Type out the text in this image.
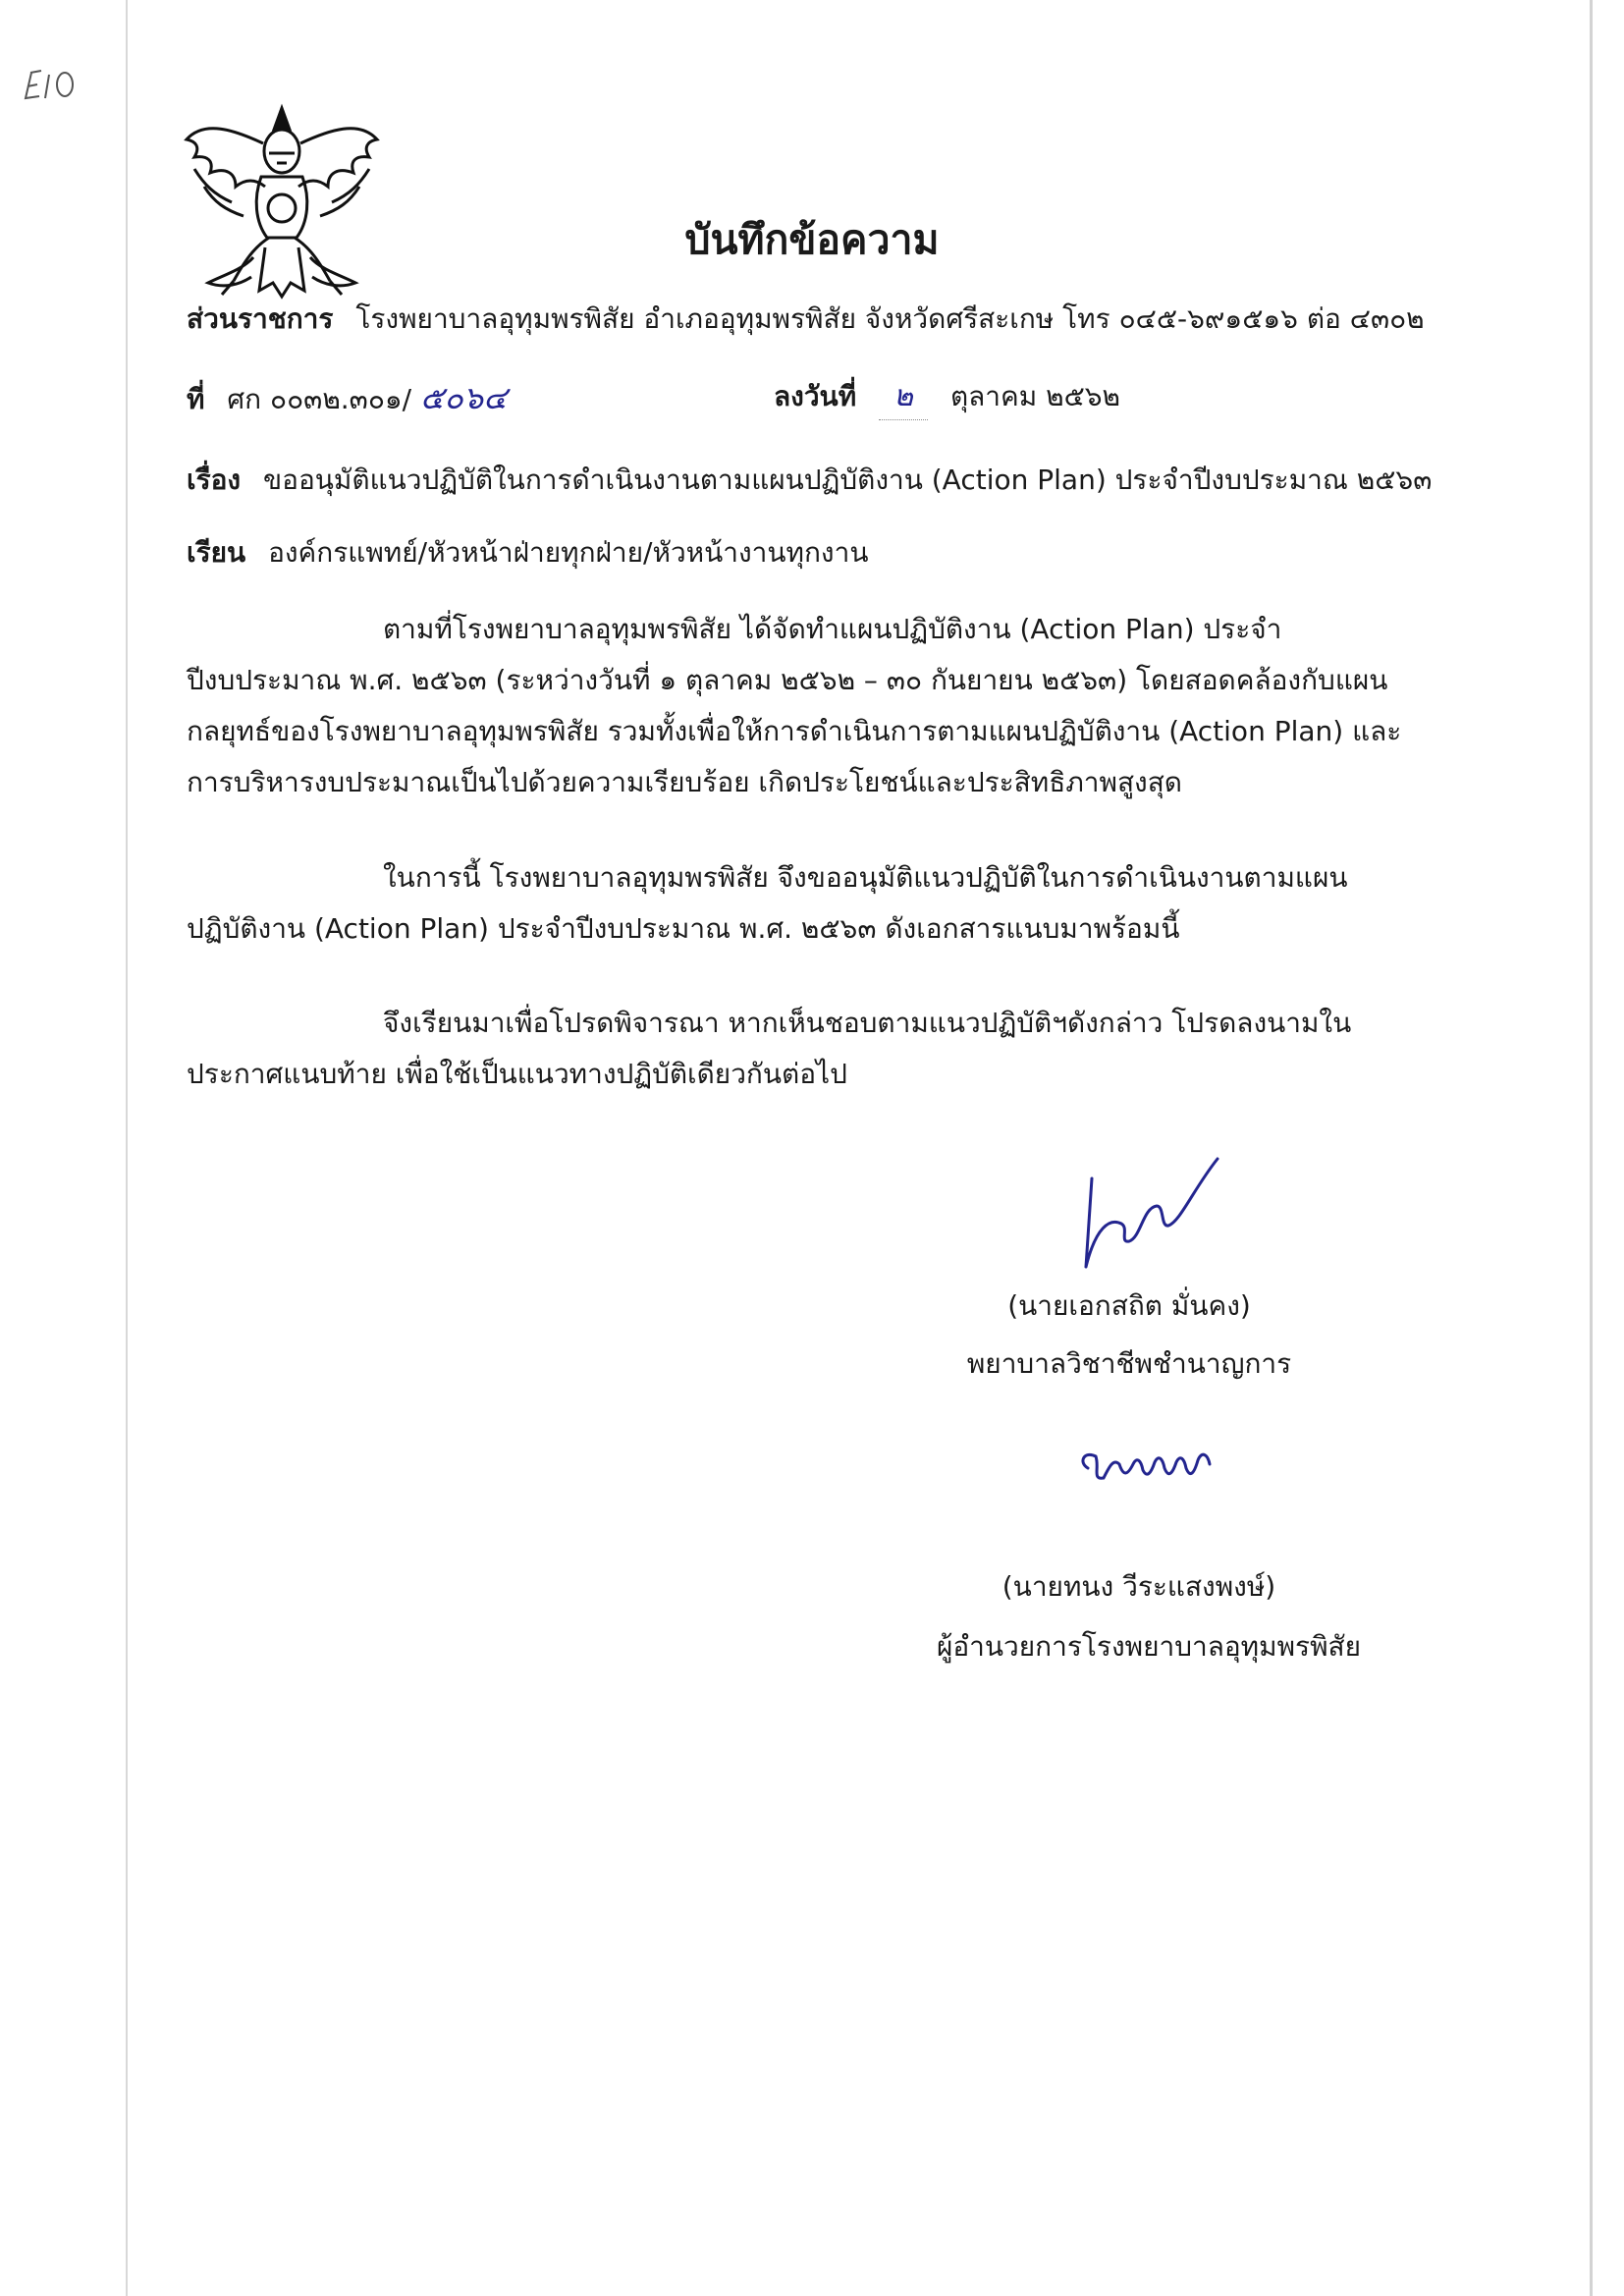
บันทึกข้อความ
ส่วนราชการ โรงพยาบาลอุทุมพรพิสัย อำเภออุทุมพรพิสัย จังหวัดศรีสะเกษ โทร ๐๔๕-๖๙๑๕๑๖ ต่อ ๔๓๐๒
ที่ ศก ๐๐๓๒.๓๐๑/ ๕๐๖๔	ลงวันที่ ๒ ตุลาคม ๒๕๖๒
เรื่อง ขออนุมัติแนวปฏิบัติในการดำเนินงานตามแผนปฏิบัติงาน (Action Plan) ประจำปีงบประมาณ ๒๕๖๓
เรียน องค์กรแพทย์/หัวหน้าฝ่ายทุกฝ่าย/หัวหน้างานทุกงาน
ตามที่โรงพยาบาลอุทุมพรพิสัย ได้จัดทำแผนปฏิบัติงาน (Action Plan) ประจำปีงบประมาณ พ.ศ. ๒๕๖๓ (ระหว่างวันที่ ๑ ตุลาคม ๒๕๖๒ – ๓๐ กันยายน ๒๕๖๓) โดยสอดคล้องกับแผนกลยุทธ์ของโรงพยาบาลอุทุมพรพิสัย รวมทั้งเพื่อให้การดำเนินการตามแผนปฏิบัติงาน (Action Plan) และการบริหารงบประมาณเป็นไปด้วยความเรียบร้อย เกิดประโยชน์และประสิทธิภาพสูงสุด
ในการนี้ โรงพยาบาลอุทุมพรพิสัย จึงขออนุมัติแนวปฏิบัติในการดำเนินงานตามแผนปฏิบัติงาน (Action Plan) ประจำปีงบประมาณ พ.ศ. ๒๕๖๓ ดังเอกสารแนบมาพร้อมนี้
จึงเรียนมาเพื่อโปรดพิจารณา หากเห็นชอบตามแนวปฏิบัติฯดังกล่าว โปรดลงนามในประกาศแนบท้าย เพื่อใช้เป็นแนวทางปฏิบัติเดียวกันต่อไป
(นายเอกสถิต มั่นคง)
พยาบาลวิชาชีพชำนาญการ
(นายทนง วีระแสงพงษ์)
ผู้อำนวยการโรงพยาบาลอุทุมพรพิสัย
